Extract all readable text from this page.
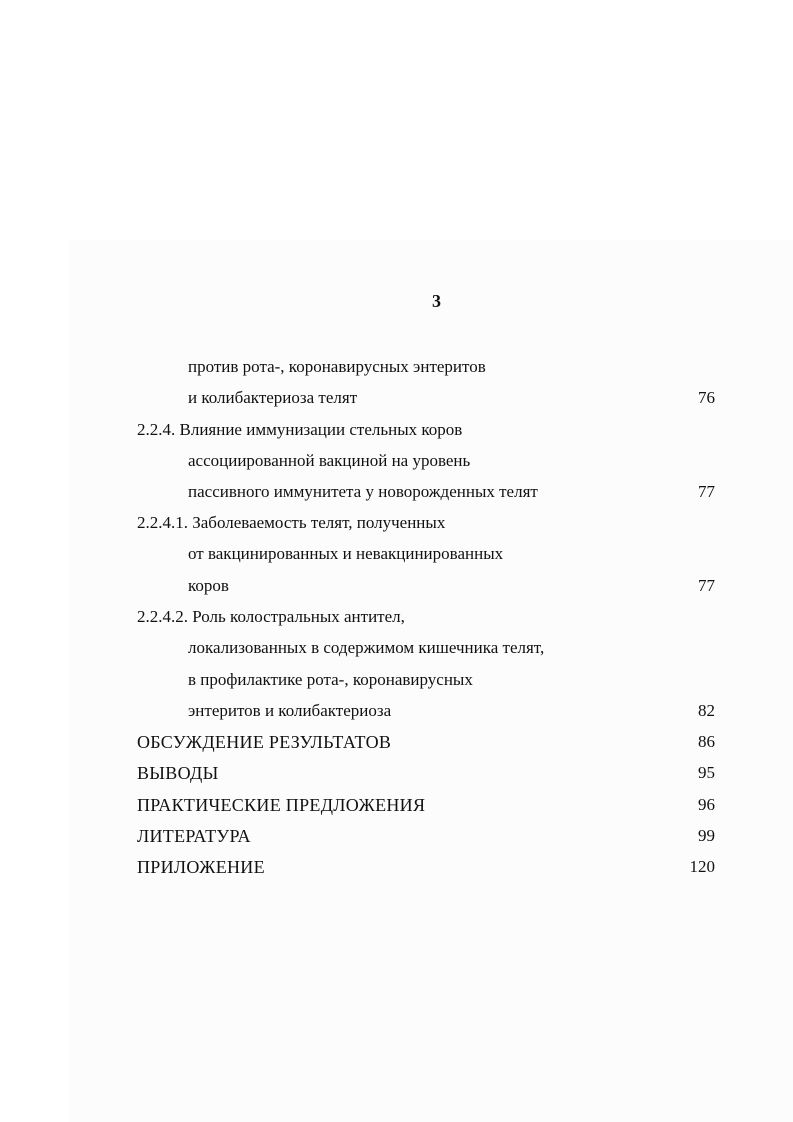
3
против рота-, коронавирусных энтеритов
и колибактериоза телят	76
2.2.4. Влияние иммунизации стельных коров
ассоциированной вакциной на уровень
пассивного иммунитета у новорожденных телят	77
2.2.4.1. Заболеваемость телят, полученных
от вакцинированных и невакцинированных
коров	77
2.2.4.2. Роль колостральных антител,
локализованных в содержимом кишечника телят,
в профилактике рота-, коронавирусных
энтеритов и колибактериоза	82
ОБСУЖДЕНИЕ РЕЗУЛЬТАТОВ	86
ВЫВОДЫ	95
ПРАКТИЧЕСКИЕ ПРЕДЛОЖЕНИЯ	96
ЛИТЕРАТУРА	99
ПРИЛОЖЕНИЕ	120
